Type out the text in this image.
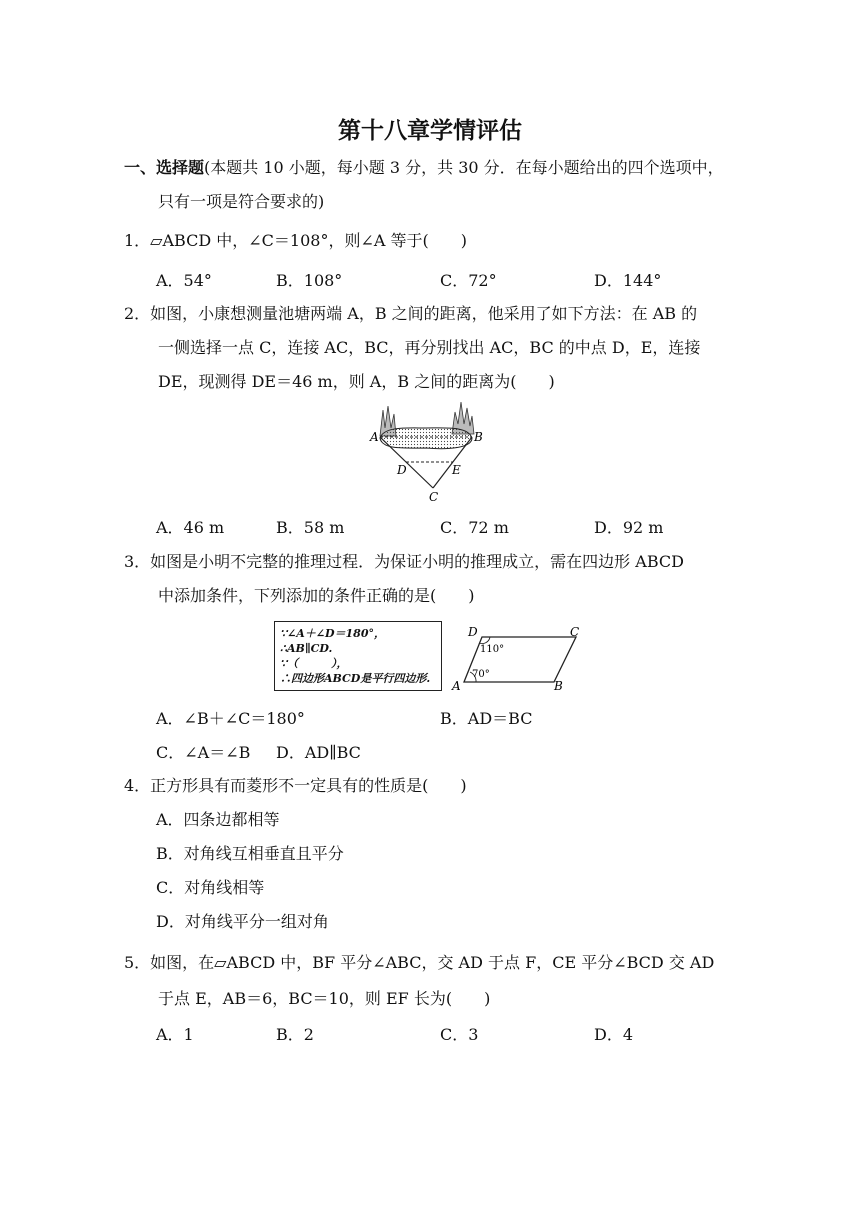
第十八章学情评估
一、选择题(本题共 10 小题，每小题 3 分，共 30 分．在每小题给出的四个选项中，
只有一项是符合要求的)
1．▱ABCD 中，∠C＝108°，则∠A 等于(　　)
A．54°	B．108°	C．72°	D．144°
2．如图，小康想测量池塘两端 A，B 之间的距离，他采用了如下方法：在 AB 的
一侧选择一点 C，连接 AC，BC，再分别找出 AC，BC 的中点 D，E，连接
DE，现测得 DE＝46 m，则 A，B 之间的距离为(　　)
A	B
C
D	E
A．46 m	B．58 m	C．72 m	D．92 m
3．如图是小明不完整的推理过程．为保证小明的推理成立，需在四边形 ABCD
中添加条件，下列添加的条件正确的是(　　)
∵∠A＋∠D＝180°，
∴AB∥CD.
∵（　　　），
∴四边形ABCD是平行四边形.
A	B
C
D
110°
70°
A．∠B＋∠C＝180°	B．AD＝BC
C．∠A＝∠B D．AD∥BC
4．正方形具有而菱形不一定具有的性质是(　　)
A．四条边都相等
B．对角线互相垂直且平分
C．对角线相等
D．对角线平分一组对角
5．如图，在▱ABCD 中，BF 平分∠ABC，交 AD 于点 F，CE 平分∠BCD 交 AD
于点 E，AB＝6，BC＝10，则 EF 长为(　　)
A．1	B．2	C．3	D．4
